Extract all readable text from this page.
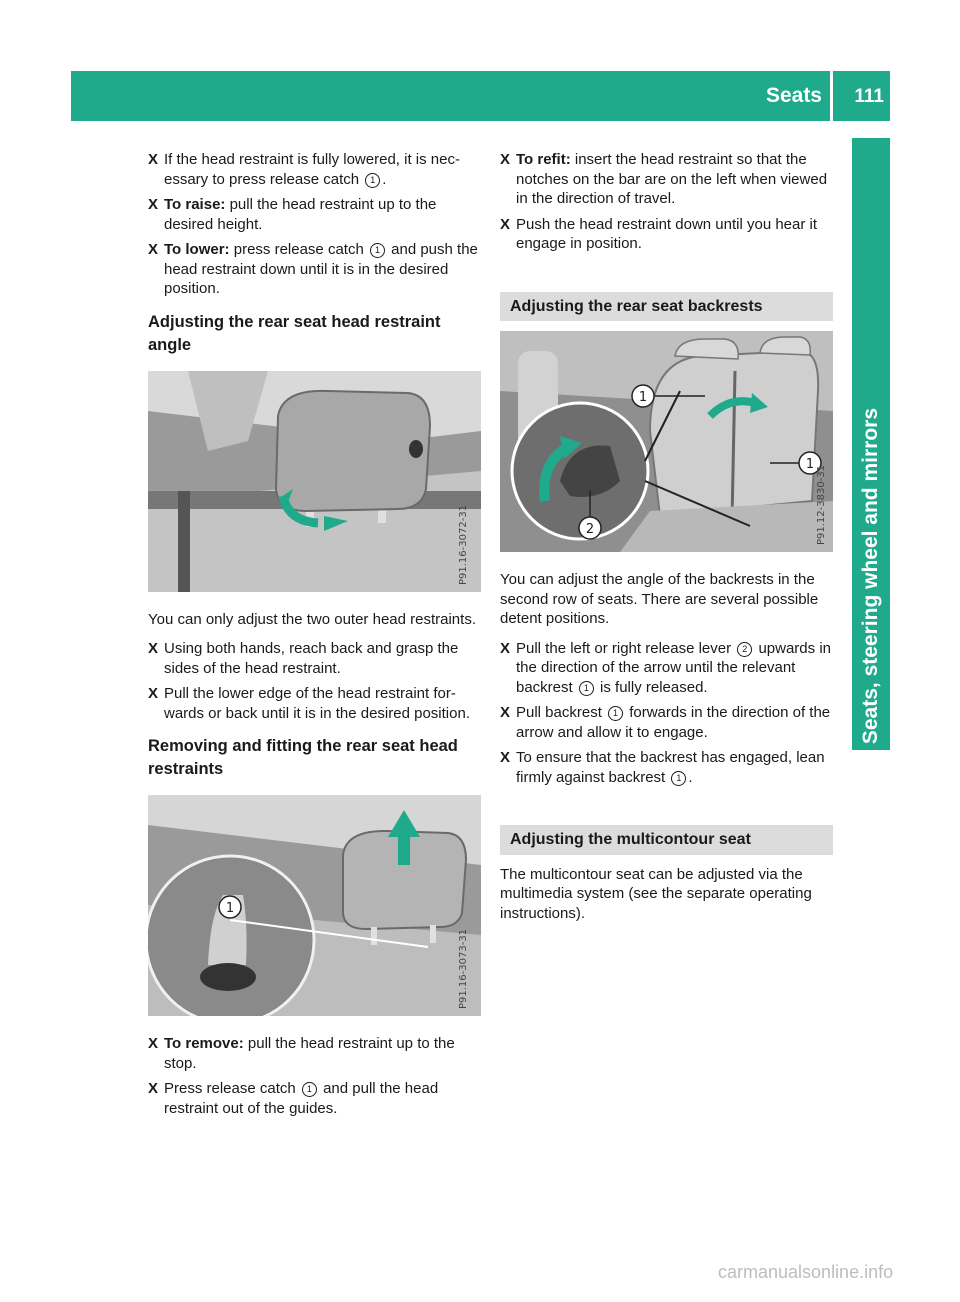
Seats 111
Seats, steering wheel and mirrors
X If the head restraint is fully lowered, it is nec-essary to press release catch 1 .
X To raise: pull the head restraint up to the desired height.
X To lower: press release catch 1 and push the head restraint down until it is in the desired position.
Adjusting the rear seat head restraint angle
P91.16-3072-31
You can only adjust the two outer head restraints.
X Using both hands, reach back and grasp the sides of the head restraint.
X Pull the lower edge of the head restraint for-wards or back until it is in the desired position.
Removing and fitting the rear seat head restraints
1
P91.16-3073-31
X To remove: pull the head restraint up to the stop.
X Press release catch 1 and pull the head restraint out of the guides.
X To refit: insert the head restraint so that the notches on the bar are on the left when viewed in the direction of travel.
X Push the head restraint down until you hear it engage in position.
Adjusting the rear seat backrests
1
1
2	P91.12-3830-31
You can adjust the angle of the backrests in the second row of seats. There are several possible detent positions.
X Pull the left or right release lever 2 upwards in the direction of the arrow until the relevant backrest 1 is fully released.
X Pull backrest 1 forwards in the direction of the arrow and allow it to engage.
X To ensure that the backrest has engaged, lean firmly against backrest 1 .
Adjusting the multicontour seat
The multicontour seat can be adjusted via the multimedia system (see the separate operating instructions).
carmanualsonline.info
